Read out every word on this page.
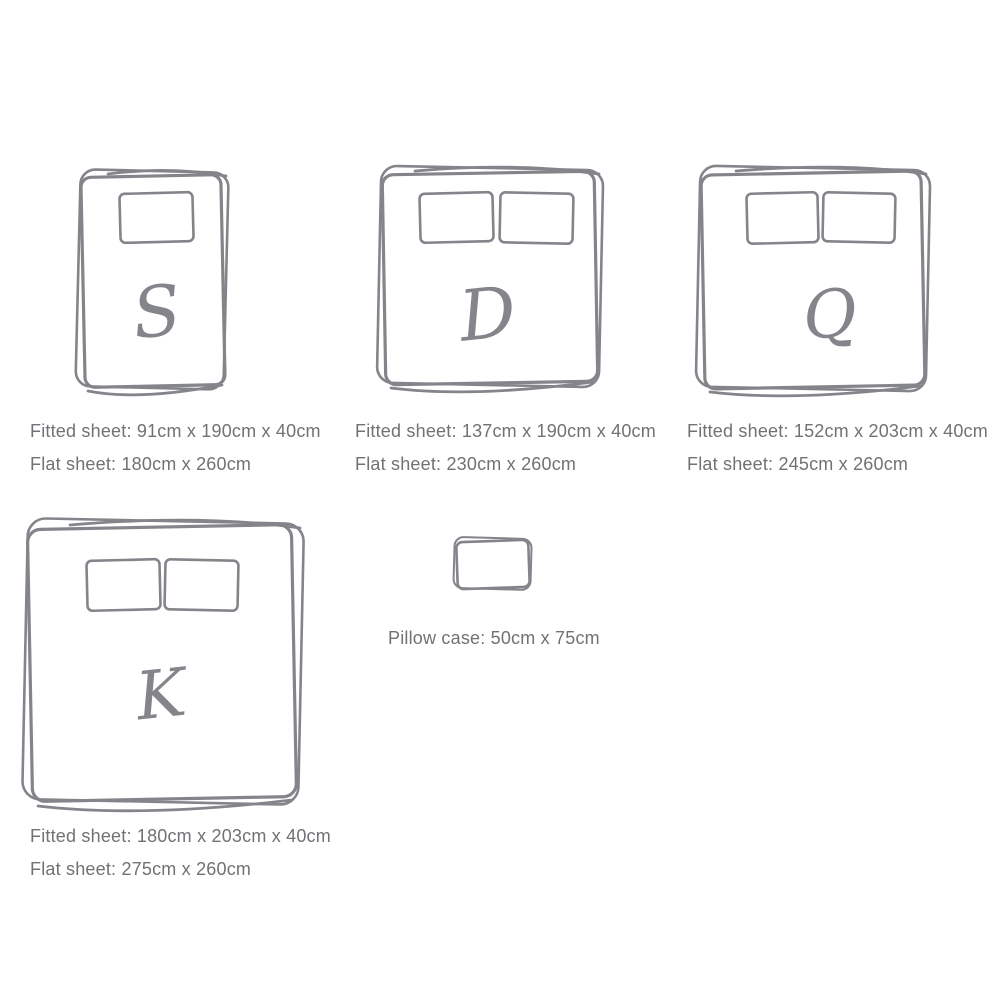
S
Fitted sheet: 91cm x 190cm x 40cm
Flat sheet: 180cm x 260cm
D
Fitted sheet: 137cm x 190cm x 40cm
Flat sheet: 230cm x 260cm
Q
Fitted sheet: 152cm x 203cm x 40cm
Flat sheet: 245cm x 260cm
K
Fitted sheet: 180cm x 203cm x 40cm
Flat sheet: 275cm x 260cm
Pillow case: 50cm x 75cm
